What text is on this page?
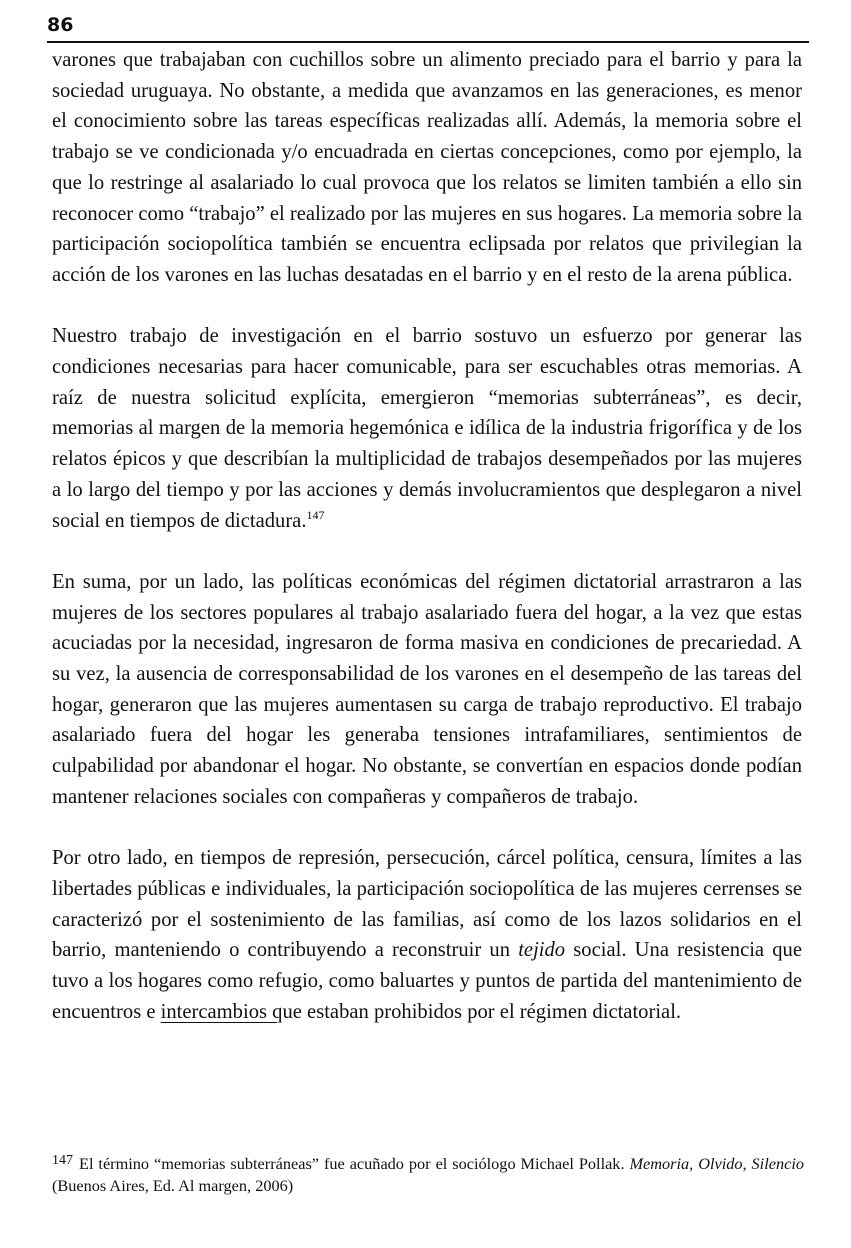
86

varones que trabajaban con cuchillos sobre un alimento preciado para el barrio y para la sociedad uruguaya. No obstante, a medida que avanzamos en las generaciones, es menor el conocimiento sobre las tareas específicas realizadas allí. Además, la memoria sobre el trabajo se ve condicionada y/o encuadrada en ciertas concepciones, como por ejemplo, la que lo restringe al asalariado lo cual provoca que los relatos se limiten también a ello sin reconocer como “trabajo” el realizado por las mujeres en sus hogares. La memoria sobre la participación sociopolítica también se encuentra eclipsada por relatos que privilegian la acción de los varones en las luchas desatadas en el barrio y en el resto de la arena pública.

Nuestro trabajo de investigación en el barrio sostuvo un esfuerzo por generar las condiciones necesarias para hacer comunicable, para ser escuchables otras memorias. A raíz de nuestra solicitud explícita, emergieron “memorias subterráneas”, es decir, memorias al margen de la memoria hegemónica e idílica de la industria frigorífica y de los relatos épicos y que describían la multiplicidad de trabajos desempeñados por las mujeres a lo largo del tiempo y por las acciones y demás involucramientos que desplegaron a nivel social en tiempos de dictadura.$^{147}$

En suma, por un lado, las políticas económicas del régimen dictatorial arrastraron a las mujeres de los sectores populares al trabajo asalariado fuera del hogar, a la vez que estas acuciadas por la necesidad, ingresaron de forma masiva en condiciones de precariedad. A su vez, la ausencia de corresponsabilidad de los varones en el desempeño de las tareas del hogar, generaron que las mujeres aumentasen su carga de trabajo reproductivo. El trabajo asalariado fuera del hogar les generaba tensiones intrafamiliares, sentimientos de culpabilidad por abandonar el hogar. No obstante, se convertían en espacios donde podían mantener relaciones sociales con compañeras y compañeros de trabajo.

Por otro lado, en tiempos de represión, persecución, cárcel política, censura, límites a las libertades públicas e individuales, la participación sociopolítica de las mujeres cerrenses se caracterizó por el sostenimiento de las familias, así como de los lazos solidarios en el barrio, manteniendo o contribuyendo a reconstruir un tejido social. Una resistencia que tuvo a los hogares como refugio, como baluartes y puntos de partida del mantenimiento de encuentros e intercambios que estaban prohibidos por el régimen dictatorial.

147 El término “memorias subterráneas” fue acuñado por el sociólogo Michael Pollak. Memoria, Olvido, Silencio (Buenos Aires, Ed. Al margen, 2006)
